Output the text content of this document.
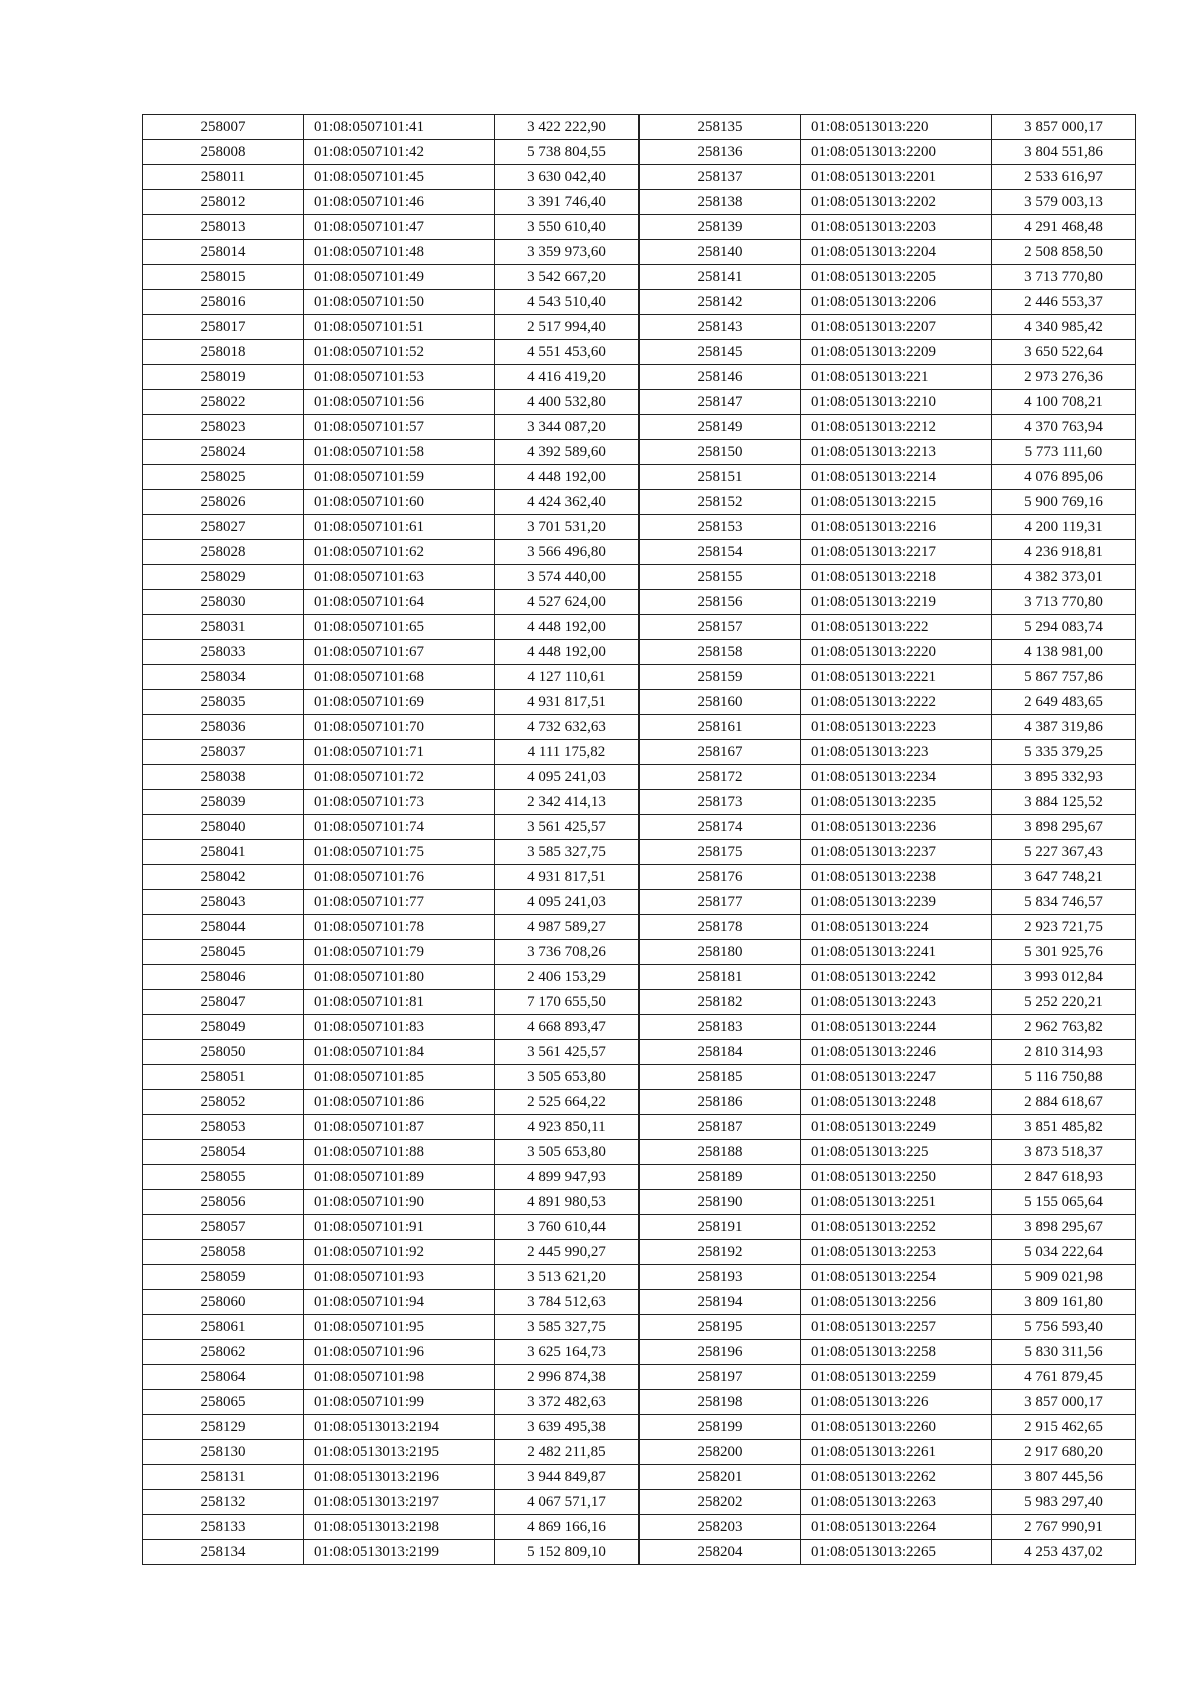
258007	01:08:0507101:41	3 422 222,90
258008	01:08:0507101:42	5 738 804,55
258011	01:08:0507101:45	3 630 042,40
258012	01:08:0507101:46	3 391 746,40
258013	01:08:0507101:47	3 550 610,40
258014	01:08:0507101:48	3 359 973,60
258015	01:08:0507101:49	3 542 667,20
258016	01:08:0507101:50	4 543 510,40
258017	01:08:0507101:51	2 517 994,40
258018	01:08:0507101:52	4 551 453,60
258019	01:08:0507101:53	4 416 419,20
258022	01:08:0507101:56	4 400 532,80
258023	01:08:0507101:57	3 344 087,20
258024	01:08:0507101:58	4 392 589,60
258025	01:08:0507101:59	4 448 192,00
258026	01:08:0507101:60	4 424 362,40
258027	01:08:0507101:61	3 701 531,20
258028	01:08:0507101:62	3 566 496,80
258029	01:08:0507101:63	3 574 440,00
258030	01:08:0507101:64	4 527 624,00
258031	01:08:0507101:65	4 448 192,00
258033	01:08:0507101:67	4 448 192,00
258034	01:08:0507101:68	4 127 110,61
258035	01:08:0507101:69	4 931 817,51
258036	01:08:0507101:70	4 732 632,63
258037	01:08:0507101:71	4 111 175,82
258038	01:08:0507101:72	4 095 241,03
258039	01:08:0507101:73	2 342 414,13
258040	01:08:0507101:74	3 561 425,57
258041	01:08:0507101:75	3 585 327,75
258042	01:08:0507101:76	4 931 817,51
258043	01:08:0507101:77	4 095 241,03
258044	01:08:0507101:78	4 987 589,27
258045	01:08:0507101:79	3 736 708,26
258046	01:08:0507101:80	2 406 153,29
258047	01:08:0507101:81	7 170 655,50
258049	01:08:0507101:83	4 668 893,47
258050	01:08:0507101:84	3 561 425,57
258051	01:08:0507101:85	3 505 653,80
258052	01:08:0507101:86	2 525 664,22
258053	01:08:0507101:87	4 923 850,11
258054	01:08:0507101:88	3 505 653,80
258055	01:08:0507101:89	4 899 947,93
258056	01:08:0507101:90	4 891 980,53
258057	01:08:0507101:91	3 760 610,44
258058	01:08:0507101:92	2 445 990,27
258059	01:08:0507101:93	3 513 621,20
258060	01:08:0507101:94	3 784 512,63
258061	01:08:0507101:95	3 585 327,75
258062	01:08:0507101:96	3 625 164,73
258064	01:08:0507101:98	2 996 874,38
258065	01:08:0507101:99	3 372 482,63
258129	01:08:0513013:2194	3 639 495,38
258130	01:08:0513013:2195	2 482 211,85
258131	01:08:0513013:2196	3 944 849,87
258132	01:08:0513013:2197	4 067 571,17
258133	01:08:0513013:2198	4 869 166,16
258134	01:08:0513013:2199	5 152 809,10
258135	01:08:0513013:220	3 857 000,17
258136	01:08:0513013:2200	3 804 551,86
258137	01:08:0513013:2201	2 533 616,97
258138	01:08:0513013:2202	3 579 003,13
258139	01:08:0513013:2203	4 291 468,48
258140	01:08:0513013:2204	2 508 858,50
258141	01:08:0513013:2205	3 713 770,80
258142	01:08:0513013:2206	2 446 553,37
258143	01:08:0513013:2207	4 340 985,42
258145	01:08:0513013:2209	3 650 522,64
258146	01:08:0513013:221	2 973 276,36
258147	01:08:0513013:2210	4 100 708,21
258149	01:08:0513013:2212	4 370 763,94
258150	01:08:0513013:2213	5 773 111,60
258151	01:08:0513013:2214	4 076 895,06
258152	01:08:0513013:2215	5 900 769,16
258153	01:08:0513013:2216	4 200 119,31
258154	01:08:0513013:2217	4 236 918,81
258155	01:08:0513013:2218	4 382 373,01
258156	01:08:0513013:2219	3 713 770,80
258157	01:08:0513013:222	5 294 083,74
258158	01:08:0513013:2220	4 138 981,00
258159	01:08:0513013:2221	5 867 757,86
258160	01:08:0513013:2222	2 649 483,65
258161	01:08:0513013:2223	4 387 319,86
258167	01:08:0513013:223	5 335 379,25
258172	01:08:0513013:2234	3 895 332,93
258173	01:08:0513013:2235	3 884 125,52
258174	01:08:0513013:2236	3 898 295,67
258175	01:08:0513013:2237	5 227 367,43
258176	01:08:0513013:2238	3 647 748,21
258177	01:08:0513013:2239	5 834 746,57
258178	01:08:0513013:224	2 923 721,75
258180	01:08:0513013:2241	5 301 925,76
258181	01:08:0513013:2242	3 993 012,84
258182	01:08:0513013:2243	5 252 220,21
258183	01:08:0513013:2244	2 962 763,82
258184	01:08:0513013:2246	2 810 314,93
258185	01:08:0513013:2247	5 116 750,88
258186	01:08:0513013:2248	2 884 618,67
258187	01:08:0513013:2249	3 851 485,82
258188	01:08:0513013:225	3 873 518,37
258189	01:08:0513013:2250	2 847 618,93
258190	01:08:0513013:2251	5 155 065,64
258191	01:08:0513013:2252	3 898 295,67
258192	01:08:0513013:2253	5 034 222,64
258193	01:08:0513013:2254	5 909 021,98
258194	01:08:0513013:2256	3 809 161,80
258195	01:08:0513013:2257	5 756 593,40
258196	01:08:0513013:2258	5 830 311,56
258197	01:08:0513013:2259	4 761 879,45
258198	01:08:0513013:226	3 857 000,17
258199	01:08:0513013:2260	2 915 462,65
258200	01:08:0513013:2261	2 917 680,20
258201	01:08:0513013:2262	3 807 445,56
258202	01:08:0513013:2263	5 983 297,40
258203	01:08:0513013:2264	2 767 990,91
258204	01:08:0513013:2265	4 253 437,02
